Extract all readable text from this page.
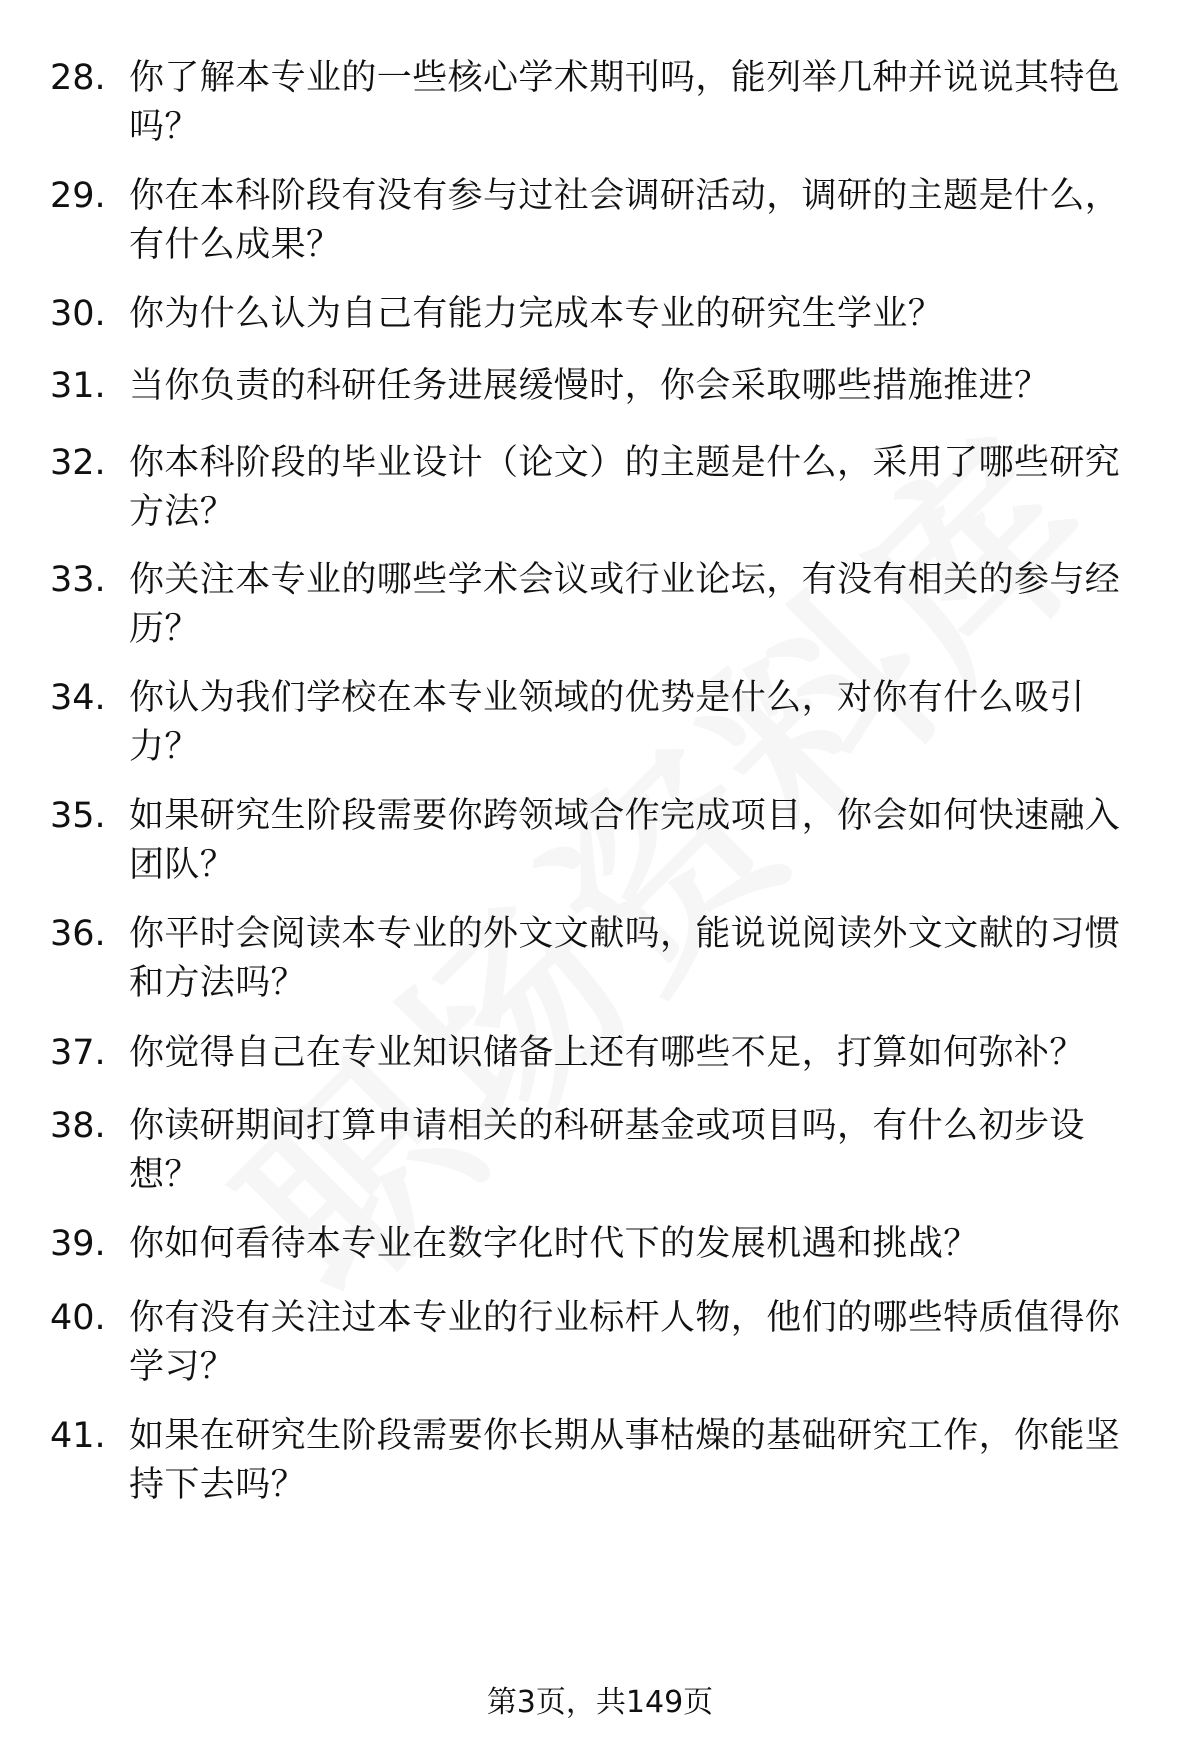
28. 你了解本专业的一些核心学术期刊吗，能列举几种并说说其特色吗？
29. 你在本科阶段有没有参与过社会调研活动，调研的主题是什么，有什么成果？
30. 你为什么认为自己有能力完成本专业的研究生学业？
31. 当你负责的科研任务进展缓慢时，你会采取哪些措施推进？
32. 你本科阶段的毕业设计（论文）的主题是什么，采用了哪些研究方法？
33. 你关注本专业的哪些学术会议或行业论坛，有没有相关的参与经历？
34. 你认为我们学校在本专业领域的优势是什么，对你有什么吸引力？
35. 如果研究生阶段需要你跨领域合作完成项目，你会如何快速融入团队？
36. 你平时会阅读本专业的外文文献吗，能说说阅读外文文献的习惯和方法吗？
37. 你觉得自己在专业知识储备上还有哪些不足，打算如何弥补？
38. 你读研期间打算申请相关的科研基金或项目吗，有什么初步设想？
39. 你如何看待本专业在数字化时代下的发展机遇和挑战？
40. 你有没有关注过本专业的行业标杆人物，他们的哪些特质值得你学习？
41. 如果在研究生阶段需要你长期从事枯燥的基础研究工作，你能坚持下去吗？
第3页，共149页
